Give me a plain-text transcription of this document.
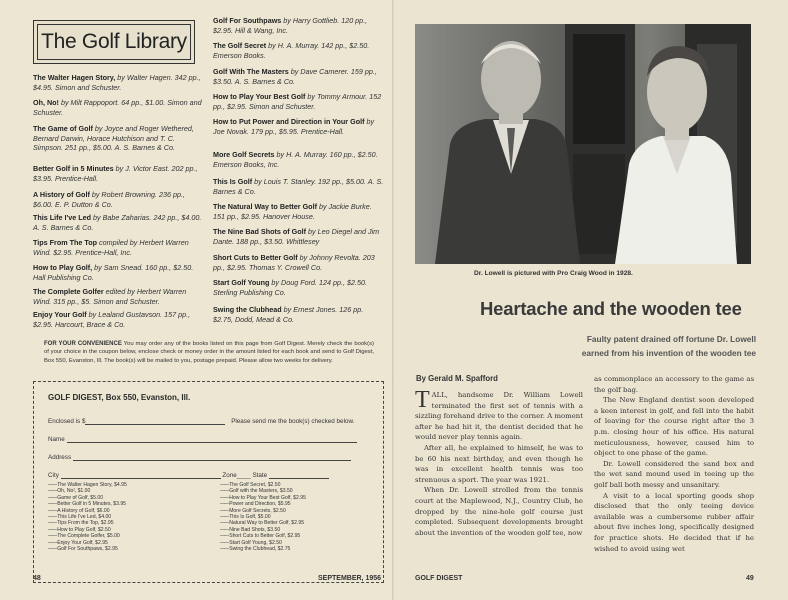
The Golf Library
The Walter Hagen Story, by Walter Hagen. 342 pp., $4.95. Simon and Schuster.
Oh, No! by Milt Rappoport. 64 pp., $1.00. Simon and Schuster.
The Game of Golf by Joyce and Roger Wethered, Bernard Darwin, Horace Hutchison and T. C. Simpson. 251 pp., $5.00. A. S. Barnes & Co.
Better Golf in 5 Minutes by J. Victor East. 202 pp., $3.95. Prentice-Hall.
A History of Golf by Robert Browning. 236 pp., $6.00. E. P. Dutton & Co.
This Life I've Led by Babe Zaharias. 242 pp., $4.00. A. S. Barnes & Co.
Tips From The Top compiled by Herbert Warren Wind. $2.95. Prentice-Hall, Inc.
How to Play Golf, by Sam Snead. 160 pp., $2.50. Hall Publishing Co.
The Complete Golfer edited by Herbert Warren Wind. 315 pp., $5. Simon and Schuster.
Enjoy Your Golf by Lealand Gustavson. 157 pp., $2.95. Harcourt, Brace & Co.
Golf For Southpaws by Harry Gottlieb. 120 pp., $2.95. Hill & Wang, Inc.
The Golf Secret by H. A. Murray. 142 pp., $2.50. Emerson Books.
Golf With The Masters by Dave Camerer. 159 pp., $3.50. A. S. Barnes & Co.
How to Play Your Best Golf by Tommy Armour. 152 pp., $2.95. Simon and Schuster.
How to Put Power and Direction in Your Golf by Joe Novak. 179 pp., $5.95. Prentice-Hall.
More Golf Secrets by H. A. Murray. 160 pp., $2.50. Emerson Books, Inc.
This Is Golf by Louis T. Stanley. 192 pp., $5.00. A. S. Barnes & Co.
The Natural Way to Better Golf by Jackie Burke. 151 pp., $2.95. Hanover House.
The Nine Bad Shots of Golf by Leo Diegel and Jim Dante. 188 pp., $3.50. Whittlesey
Short Cuts to Better Golf by Johnny Revolta. 203 pp., $2.95. Thomas Y. Crowell Co.
Start Golf Young by Doug Ford. 124 pp., $2.50. Sterling Publishing Co.
Swing the Clubhead by Ernest Jones. 126 pp. $2.75, Dodd, Mead & Co.
FOR YOUR CONVENIENCE You may order any of the books listed on this page from Golf Digest. Merely check the book(s) of your choice in the coupon below, enclose check or money order in the amount listed for each book and send to Golf Digest, Box 550, Evanston, Ill. The book(s) will be mailed to you, postage prepaid. Please allow two weeks for delivery.
GOLF DIGEST, Box 550, Evanston, Ill.
Enclosed is $	Please send me the book(s) checked below.
Name
Address
City	Zone____ State
—— The Walter Hagen Story, $4.95
—— Oh, No!, $1.00
—— Game of Golf, $5.00
—— Better Golf in 5 Minutes, $3.95
—— A History of Golf, $6.00
—— This Life I've Led, $4.00
—— Tips From the Top, $2.95
—— How to Play Golf, $2.50
—— The Complete Golfer, $5.00
—— Enjoy Your Golf, $2.95
—— Golf For Southpaws, $2.95
—— The Golf Secret, $2.50
—— Golf with the Masters, $3.50
—— How to Play Your Best Golf, $2.95
—— Power and Direction, $5.95
—— More Golf Secrets, $2.50
—— This Is Golf, $5.00
—— Natural Way to Better Golf, $2.95
—— Nine Bad Shots, $3.50
—— Short Cuts to Better Golf, $2.95
—— Start Golf Young, $2.50
—— Swing the Clubhead, $2.75
48	SEPTEMBER, 1956
Dr. Lowell is pictured with Pro Craig Wood in 1928.
Heartache and the wooden tee
Faulty patent drained off fortune Dr. Lowell
earned from his invention of the wooden tee
By Gerald M. Spafford

TALL, handsome Dr. William Lowell terminated the first set of tennis with a sizzling forehand drive to the corner. A moment after he had hit it, the dentist decided that he would never play tennis again.

After all, he explained to himself, he was to be 60 his next birthday, and even though he was in excellent health tennis was too strenuous a sport. The year was 1921.

When Dr. Lowell strolled from the tennis court at the Maplewood, N.J., Country Club, he dropped by the nine-hole golf course just completed. Subsequent developments brought about the invention of the wooden golf tee, now

as commonplace an accessory to the game as the golf bag.

The New England dentist soon developed a keen interest in golf, and fell into the habit of leaving for the course right after the 3 p.m. closing hour of his office. His natural meticulousness, however, caused him to object to one phase of the game.

Dr. Lowell considered the sand box and the wet sand mound used in teeing up the golf ball both messy and unsanitary.

A visit to a local sporting goods shop disclosed that the only teeing device available was a cumbersome rubber affair about five inches long, specifically designed for practice shots. He decided that if he wished to avoid using wet

GOLF DIGEST	49
